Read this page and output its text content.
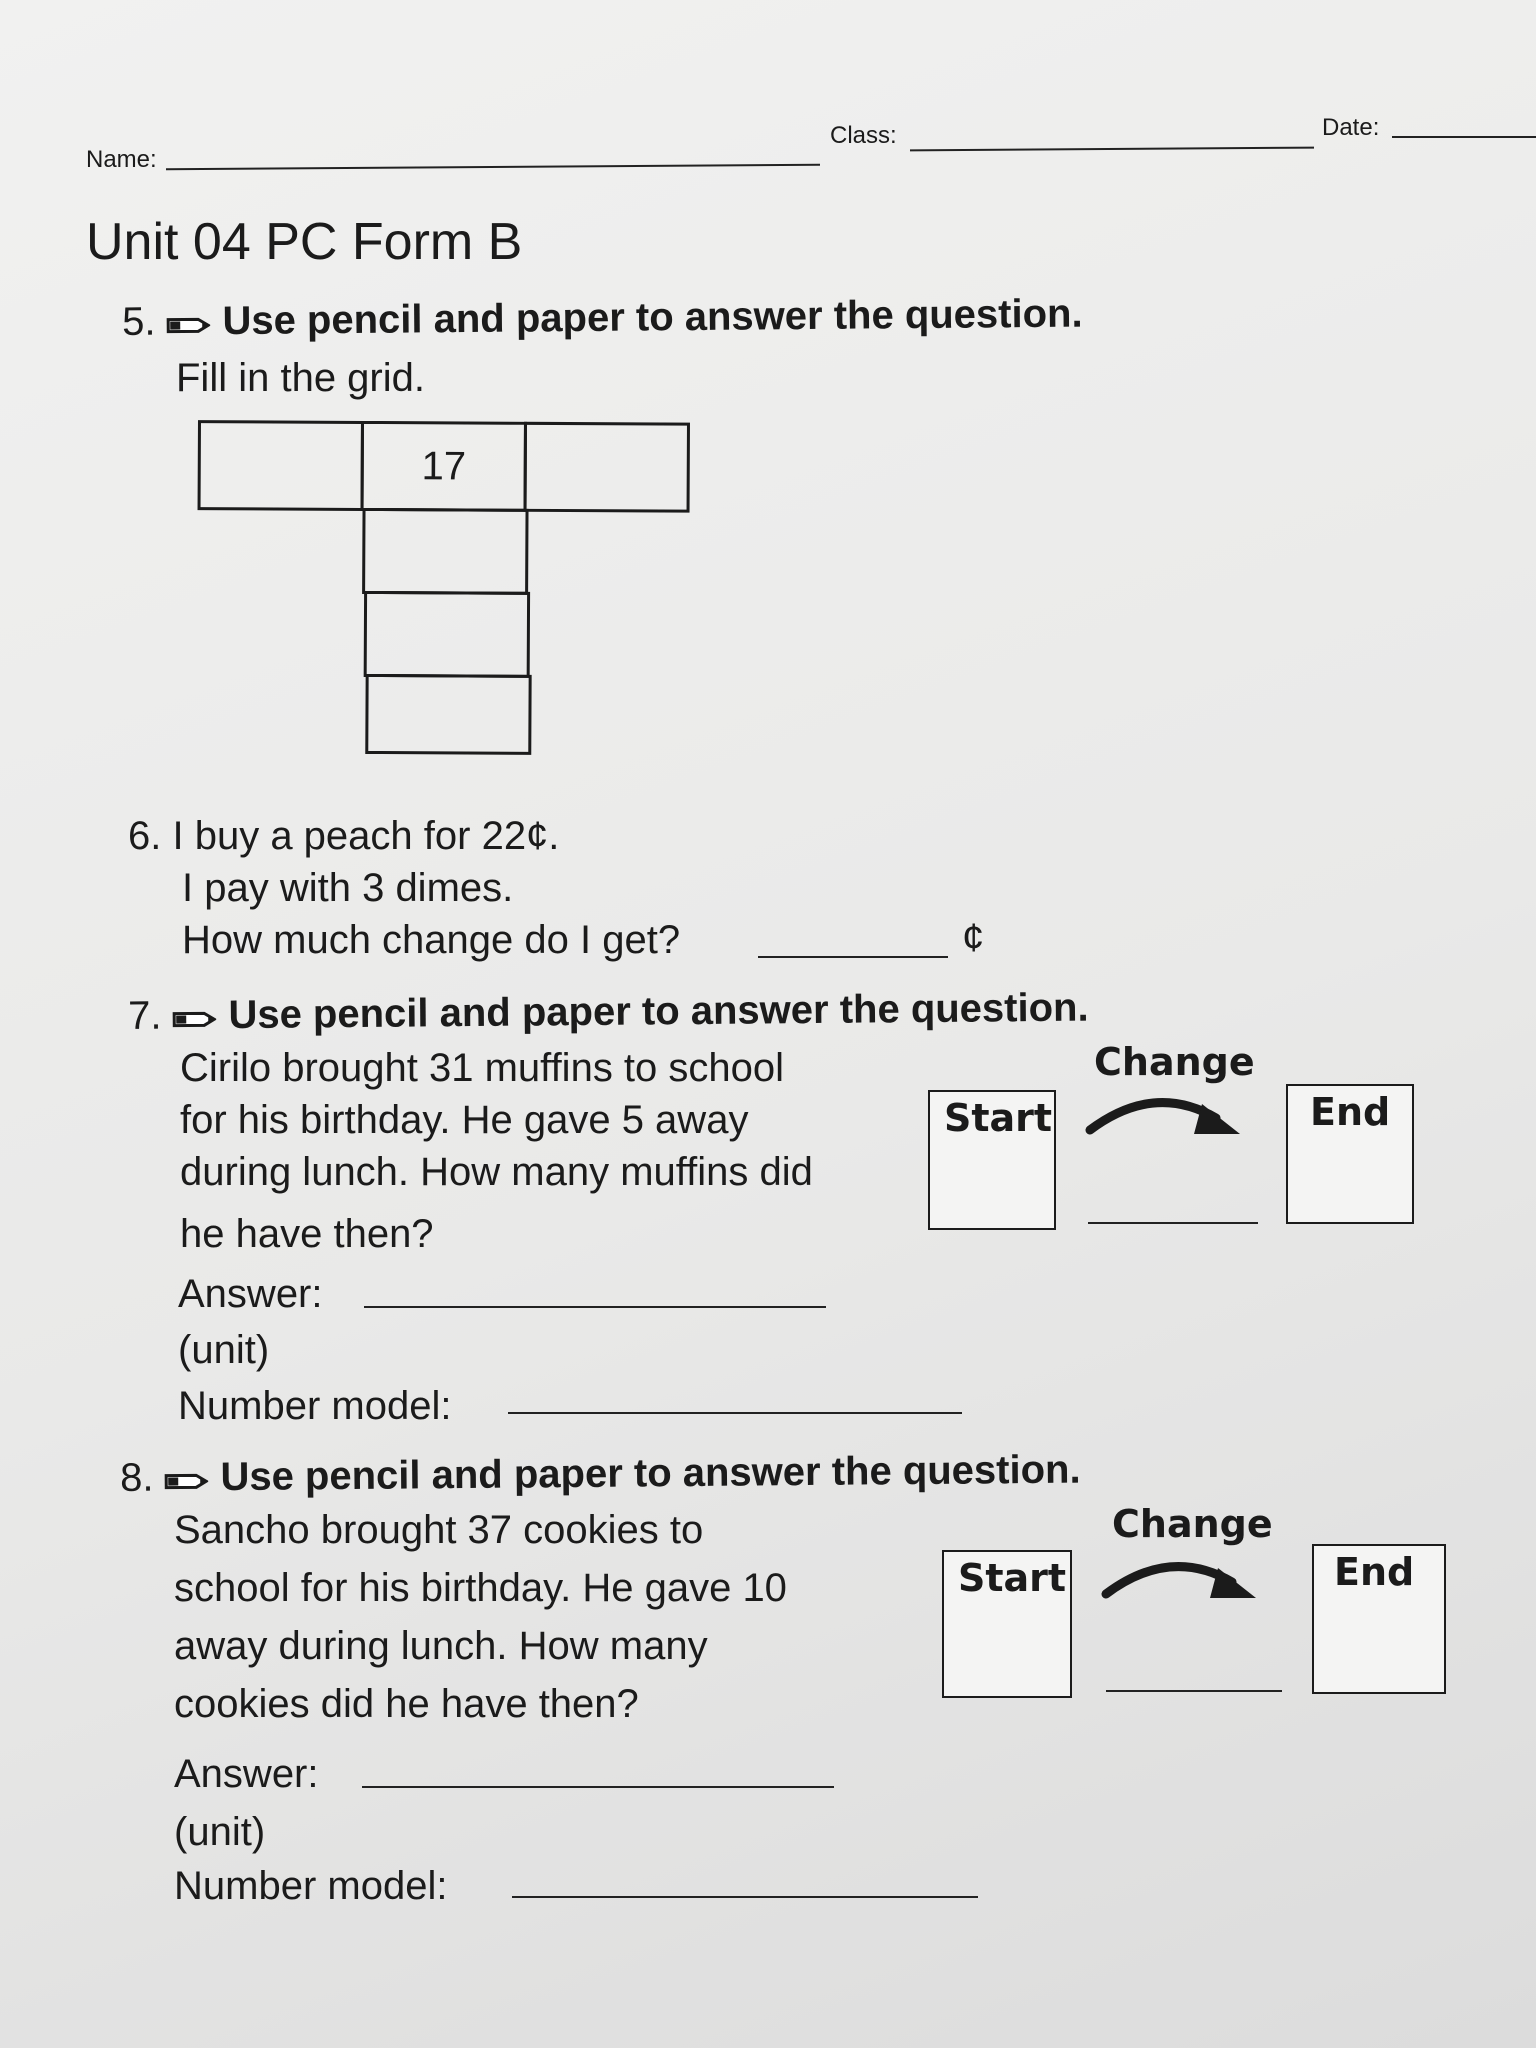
Name:
Class:	Date:
Unit 04 PC Form B
5. Use pencil and paper to answer the question.
Fill in the grid.
17
6. I buy a peach for 22¢.
I pay with 3 dimes.
How much change do I get?	¢
7. Use pencil and paper to answer the question.
Cirilo brought 31 muffins to school
for his birthday. He gave 5 away
during lunch. How many muffins did
he have then?
Answer:
(unit)
Number model:
Start
Change
End
8. Use pencil and paper to answer the question.
Sancho brought 37 cookies to
school for his birthday. He gave 10
away during lunch. How many
cookies did he have then?
Answer:
(unit)
Number model:
Start
Change
End
